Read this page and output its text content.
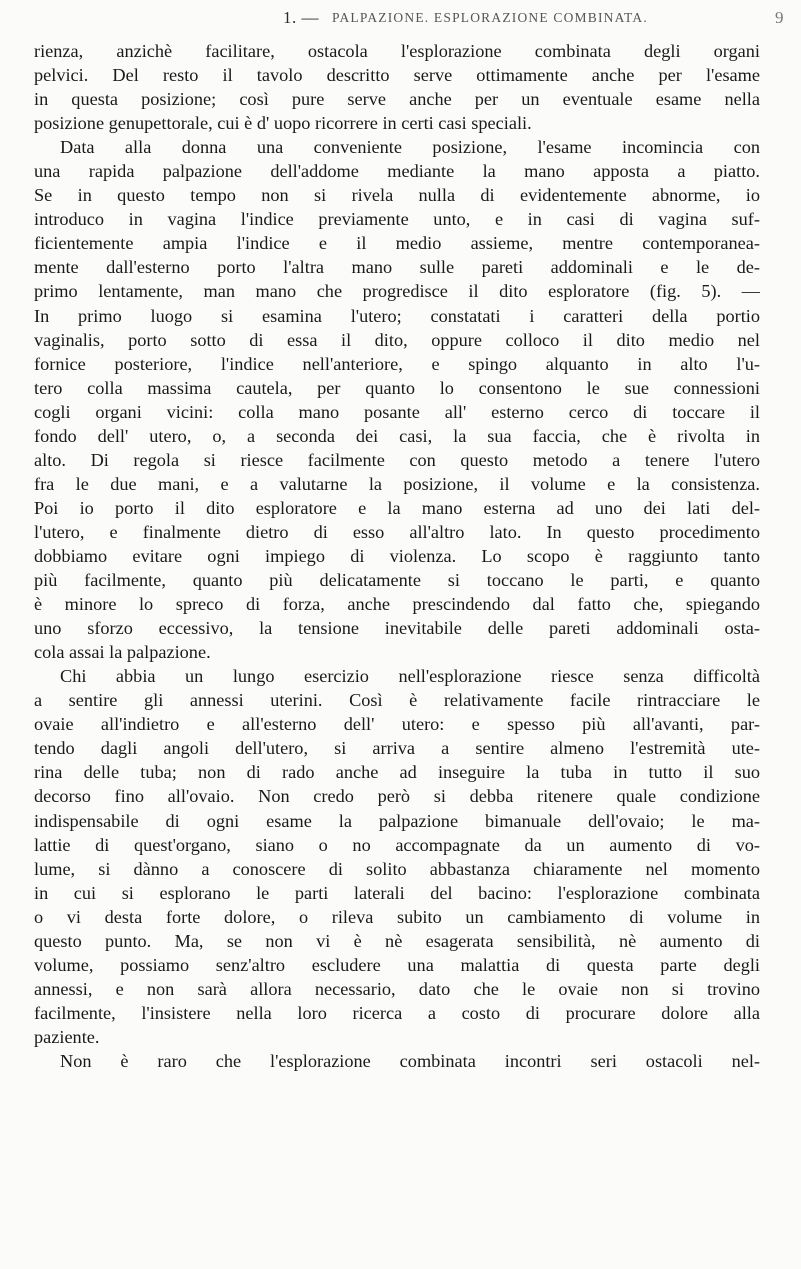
1. — PALPAZIONE. ESPLORAZIONE COMBINATA.	9
rienza, anzichè facilitare, ostacola l'esplorazione combinata degli organi
pelvici. Del resto il tavolo descritto serve ottimamente anche per l'esame
in questa posizione; così pure serve anche per un eventuale esame nella
posizione genupettorale, cui è d' uopo ricorrere in certi casi speciali.
Data alla donna una conveniente posizione, l'esame incomincia con
una rapida palpazione dell'addome mediante la mano apposta a piatto.
Se in questo tempo non si rivela nulla di evidentemente abnorme, io
introduco in vagina l'indice previamente unto, e in casi di vagina suf-
ficientemente ampia l'indice e il medio assieme, mentre contemporanea-
mente dall'esterno porto l'altra mano sulle pareti addominali e le de-
primo lentamente, man mano che progredisce il dito esploratore (fig. 5). —
In primo luogo si esamina l'utero; constatati i caratteri della portio
vaginalis, porto sotto di essa il dito, oppure colloco il dito medio nel
fornice posteriore, l'indice nell'anteriore, e spingo alquanto in alto l'u-
tero colla massima cautela, per quanto lo consentono le sue connessioni
cogli organi vicini: colla mano posante all' esterno cerco di toccare il
fondo dell' utero, o, a seconda dei casi, la sua faccia, che è rivolta in
alto. Di regola si riesce facilmente con questo metodo a tenere l'utero
fra le due mani, e a valutarne la posizione, il volume e la consistenza.
Poi io porto il dito esploratore e la mano esterna ad uno dei lati del-
l'utero, e finalmente dietro di esso all'altro lato. In questo procedimento
dobbiamo evitare ogni impiego di violenza. Lo scopo è raggiunto tanto
più facilmente, quanto più delicatamente si toccano le parti, e quanto
è minore lo spreco di forza, anche prescindendo dal fatto che, spiegando
uno sforzo eccessivo, la tensione inevitabile delle pareti addominali osta-
cola assai la palpazione.
Chi abbia un lungo esercizio nell'esplorazione riesce senza difficoltà
a sentire gli annessi uterini. Così è relativamente facile rintracciare le
ovaie all'indietro e all'esterno dell' utero: e spesso più all'avanti, par-
tendo dagli angoli dell'utero, si arriva a sentire almeno l'estremità ute-
rina delle tuba; non di rado anche ad inseguire la tuba in tutto il suo
decorso fino all'ovaio. Non credo però si debba ritenere quale condizione
indispensabile di ogni esame la palpazione bimanuale dell'ovaio; le ma-
lattie di quest'organo, siano o no accompagnate da un aumento di vo-
lume, si dànno a conoscere di solito abbastanza chiaramente nel momento
in cui si esplorano le parti laterali del bacino: l'esplorazione combinata
o vi desta forte dolore, o rileva subito un cambiamento di volume in
questo punto. Ma, se non vi è nè esagerata sensibilità, nè aumento di
volume, possiamo senz'altro escludere una malattia di questa parte degli
annessi, e non sarà allora necessario, dato che le ovaie non si trovino
facilmente, l'insistere nella loro ricerca a costo di procurare dolore alla
paziente.
Non è raro che l'esplorazione combinata incontri seri ostacoli nel-
